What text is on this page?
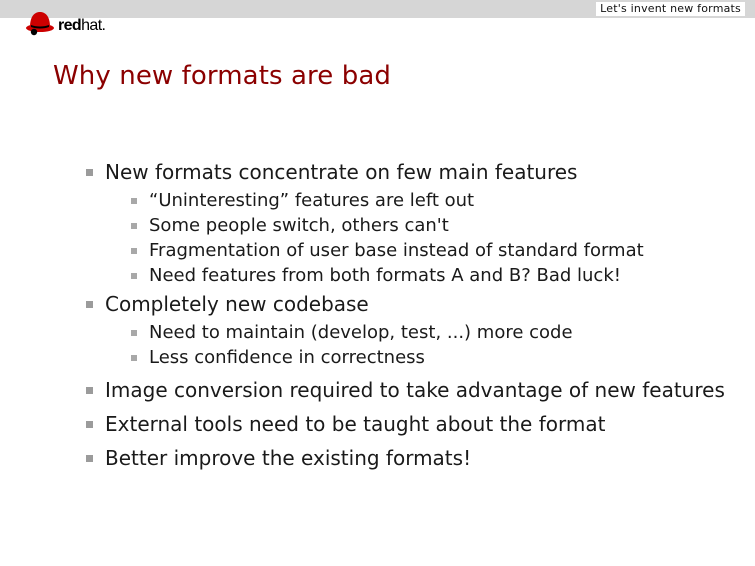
Let's invent new formats
redhat.
Why new formats are bad
New formats concentrate on few main features
“Uninteresting” features are left out
Some people switch, others can't
Fragmentation of user base instead of standard format
Need features from both formats A and B? Bad luck!
Completely new codebase
Need to maintain (develop, test, ...) more code
Less confidence in correctness
Image conversion required to take advantage of new features
External tools need to be taught about the format
Better improve the existing formats!
